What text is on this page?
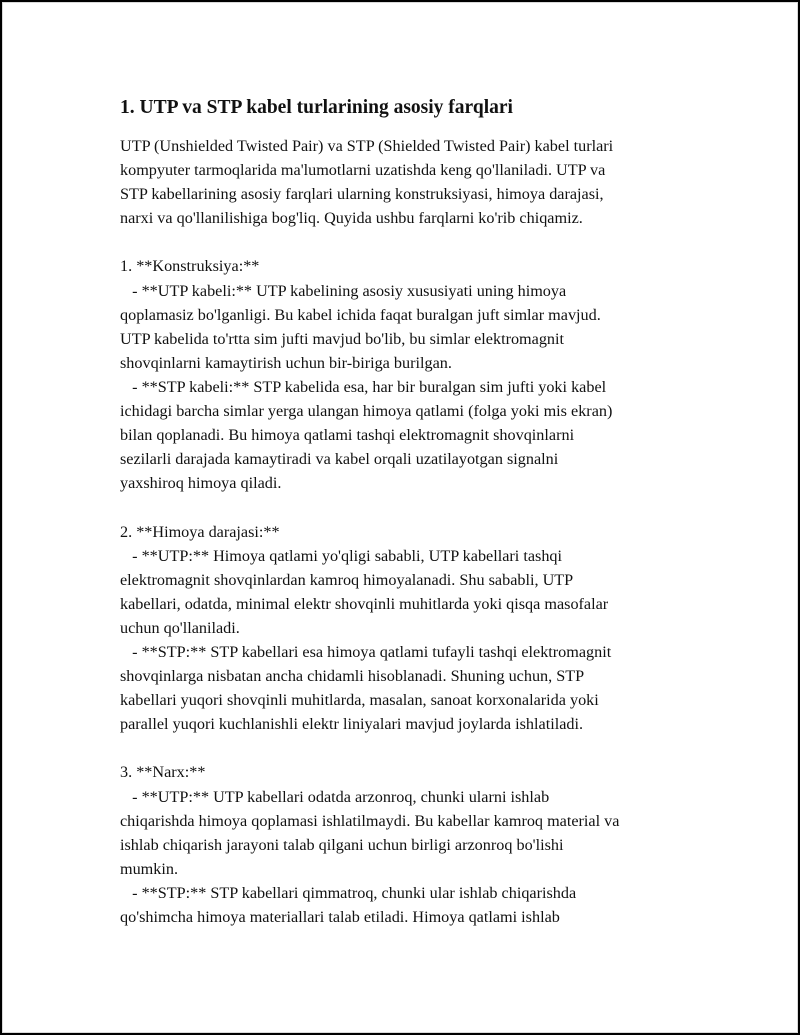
1. UTP va STP kabel turlarining asosiy farqlari
UTP (Unshielded Twisted Pair) va STP (Shielded Twisted Pair) kabel turlari
kompyuter tarmoqlarida ma'lumotlarni uzatishda keng qo'llaniladi. UTP va
STP kabellarining asosiy farqlari ularning konstruksiyasi, himoya darajasi,
narxi va qo'llanilishiga bog'liq. Quyida ushbu farqlarni ko'rib chiqamiz.
1. **Konstruksiya:**
- **UTP kabeli:** UTP kabelining asosiy xususiyati uning himoya
qoplamasiz bo'lganligi. Bu kabel ichida faqat buralgan juft simlar mavjud.
UTP kabelida to'rtta sim jufti mavjud bo'lib, bu simlar elektromagnit
shovqinlarni kamaytirish uchun bir-biriga burilgan.
- **STP kabeli:** STP kabelida esa, har bir buralgan sim jufti yoki kabel
ichidagi barcha simlar yerga ulangan himoya qatlami (folga yoki mis ekran)
bilan qoplanadi. Bu himoya qatlami tashqi elektromagnit shovqinlarni
sezilarli darajada kamaytiradi va kabel orqali uzatilayotgan signalni
yaxshiroq himoya qiladi.
2. **Himoya darajasi:**
- **UTP:** Himoya qatlami yo'qligi sababli, UTP kabellari tashqi
elektromagnit shovqinlardan kamroq himoyalanadi. Shu sababli, UTP
kabellari, odatda, minimal elektr shovqinli muhitlarda yoki qisqa masofalar
uchun qo'llaniladi.
- **STP:** STP kabellari esa himoya qatlami tufayli tashqi elektromagnit
shovqinlarga nisbatan ancha chidamli hisoblanadi. Shuning uchun, STP
kabellari yuqori shovqinli muhitlarda, masalan, sanoat korxonalarida yoki
parallel yuqori kuchlanishli elektr liniyalari mavjud joylarda ishlatiladi.
3. **Narx:**
- **UTP:** UTP kabellari odatda arzonroq, chunki ularni ishlab
chiqarishda himoya qoplamasi ishlatilmaydi. Bu kabellar kamroq material va
ishlab chiqarish jarayoni talab qilgani uchun birligi arzonroq bo'lishi
mumkin.
- **STP:** STP kabellari qimmatroq, chunki ular ishlab chiqarishda
qo'shimcha himoya materiallari talab etiladi. Himoya qatlami ishlab
